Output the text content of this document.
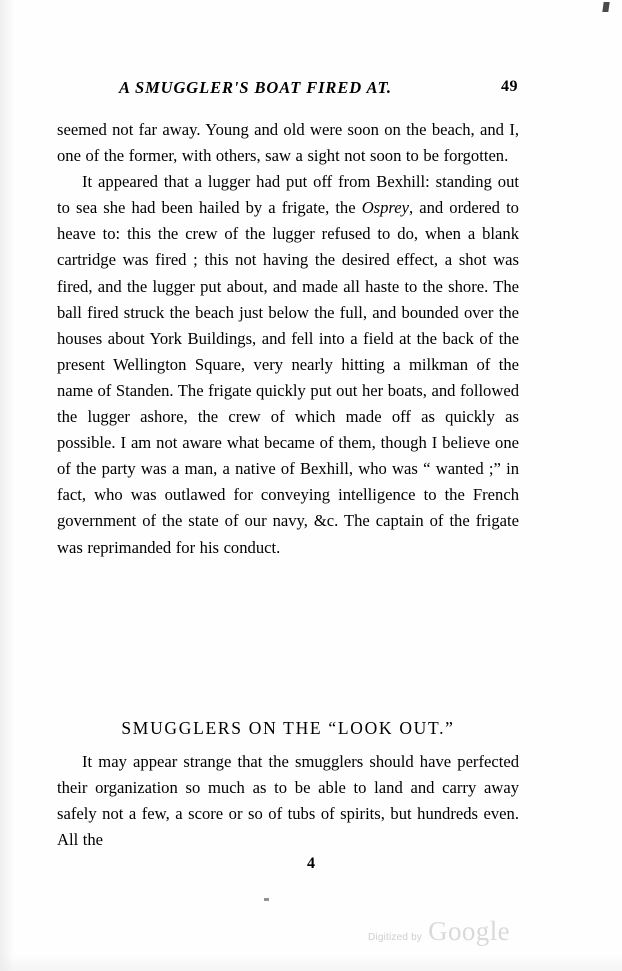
A SMUGGLER'S BOAT FIRED AT.	49

seemed not far away. Young and old were soon on the beach, and I, one of the former, with others, saw a sight not soon to be forgotten.

It appeared that a lugger had put off from Bexhill: standing out to sea she had been hailed by a frigate, the Osprey, and ordered to heave to: this the crew of the lugger refused to do, when a blank cartridge was fired ; this not having the desired effect, a shot was fired, and the lugger put about, and made all haste to the shore. The ball fired struck the beach just below the full, and bounded over the houses about York Buildings, and fell into a field at the back of the present Wellington Square, very nearly hitting a milkman of the name of Standen. The frigate quickly put out her boats, and followed the lugger ashore, the crew of which made off as quickly as possible. I am not aware what became of them, though I believe one of the party was a man, a native of Bexhill, who was “ wanted ;” in fact, who was outlawed for conveying intelligence to the French government of the state of our navy, &c. The captain of the frigate was reprimanded for his conduct.

SMUGGLERS ON THE “LOOK OUT.”

It may appear strange that the smugglers should have perfected their organization so much as to be able to land and carry away safely not a few, a score or so of tubs of spirits, but hundreds even. All the

4
Digitized by Google
